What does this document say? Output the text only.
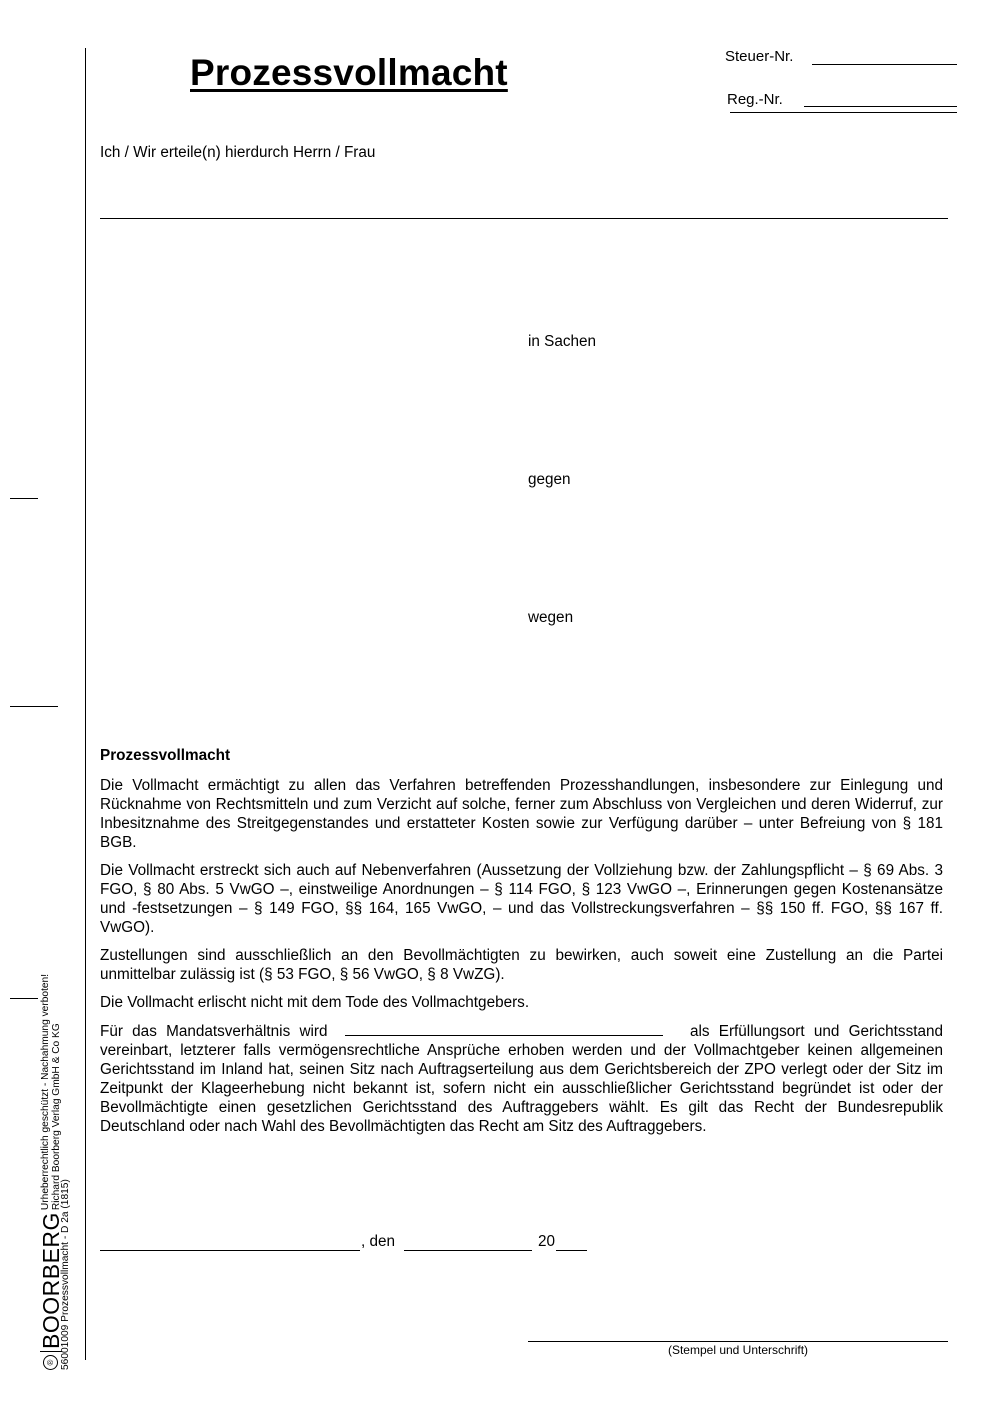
Prozessvollmacht	Steuer-Nr.
Reg.-Nr.
Ich / Wir erteile(n) hierdurch Herrn / Frau
in Sachen
gegen
wegen
Prozessvollmacht

Die Vollmacht ermächtigt zu allen das Verfahren betreffenden Prozesshandlungen, insbesondere zur Einlegung und Rücknahme von Rechtsmitteln und zum Verzicht auf solche, ferner zum Abschluss von Vergleichen und deren Widerruf, zur Inbesitznahme des Streitgegenstandes und erstatteter Kosten sowie zur Verfügung darüber – unter Befreiung von § 181 BGB.

Die Vollmacht erstreckt sich auch auf Nebenverfahren (Aussetzung der Vollziehung bzw. der Zahlungspflicht – § 69 Abs. 3 FGO, § 80 Abs. 5 VwGO –, einstweilige Anordnungen – § 114 FGO, § 123 VwGO –, Erinnerungen gegen Kostenansätze und -festsetzungen – § 149 FGO, §§ 164, 165 VwGO, – und das Vollstreckungsverfahren – §§ 150 ff. FGO, §§ 167 ff. VwGO).

Zustellungen sind ausschließlich an den Bevollmächtigten zu bewirken, auch soweit eine Zustellung an die Partei unmittelbar zulässig ist (§ 53 FGO, § 56 VwGO, § 8 VwZG).

Die Vollmacht erlischt nicht mit dem Tode des Vollmachtgebers.

Für das Mandatsverhältnis wird	als Erfüllungsort und Gerichtsstand vereinbart, letzterer falls vermögensrechtliche Ansprüche erhoben werden und der Vollmachtgeber keinen allgemeinen Gerichtsstand im Inland hat, seinen Sitz nach Auftragserteilung aus dem Gerichtsbereich der ZPO verlegt oder der Sitz im Zeitpunkt der Klageerhebung nicht bekannt ist, sofern nicht ein ausschließlicher Gerichtsstand begründet ist oder der Bevollmächtigte einen gesetzlichen Gerichtsstand des Auftraggebers wählt. Es gilt das Recht der Bundesrepublik Deutschland oder nach Wahl des Bevollmächtigten das Recht am Sitz des Auftraggebers.

, den	20
(Stempel und Unterschrift)
®
BOORBERG
Urheberrechtlich geschützt - Nachahmung verboten! Richard Boorberg Verlag GmbH & Co KG
56001009 Prozessvollmacht - D 2a (1815)
